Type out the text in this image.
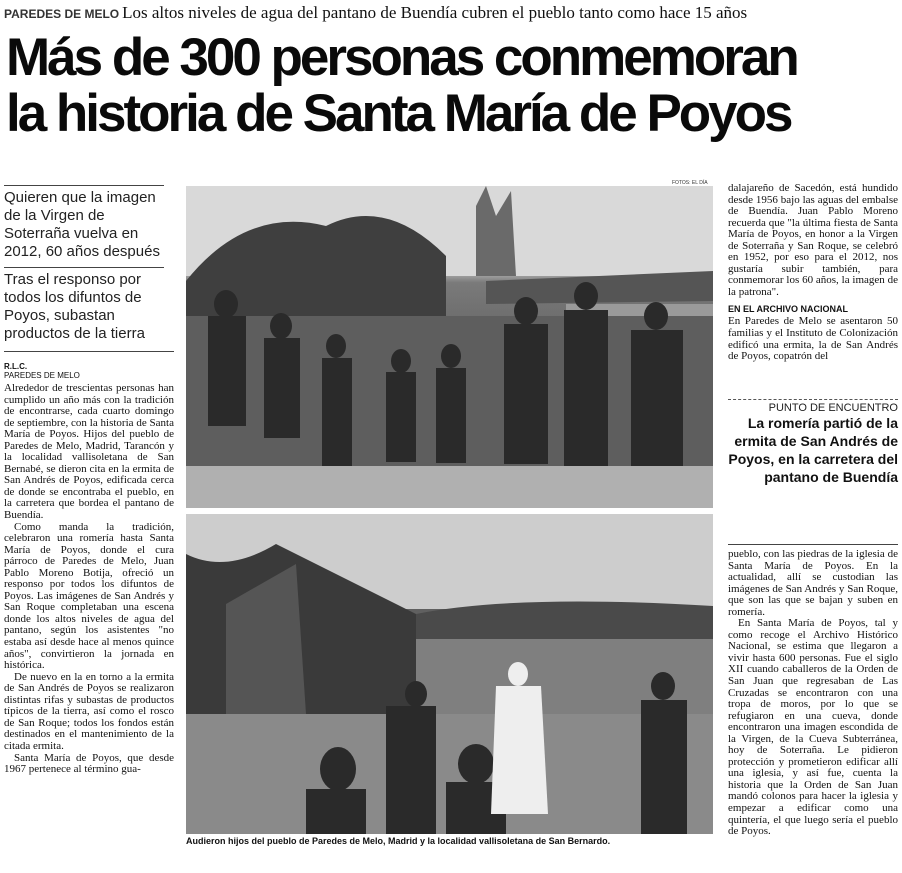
PAREDES DE MELO Los altos niveles de agua del pantano de Buendía cubren el pueblo tanto como hace 15 años
Más de 300 personas conmemoran
la historia de Santa María de Poyos
Quieren que la imagen de la Virgen de Soterraña vuelva en 2012, 60 años después
Tras el responso por todos los difuntos de Poyos, subastan productos de la tierra
R.L.C.
PAREDES DE MELO

Alrededor de trescientas personas han cumplido un año más con la tradición de encontrarse, cada cuarto domingo de septiembre, con la historia de Santa María de Poyos. Hijos del pueblo de Paredes de Melo, Madrid, Tarancón y la localidad vallisoletana de San Bernabé, se dieron cita en la ermita de San Andrés de Poyos, edificada cerca de donde se encontraba el pueblo, en la carretera que bordea el pantano de Buendía.

Como manda la tradición, celebraron una romería hasta Santa María de Poyos, donde el cura párroco de Paredes de Melo, Juan Pablo Moreno Botija, ofreció un responso por todos los difuntos de Poyos. Las imágenes de San Andrés y San Roque completaban una escena donde los altos niveles de agua del pantano, según los asistentes "no estaba así desde hace al menos quince años", convirtieron la jornada en histórica.

De nuevo en la en torno a la ermita de San Andrés de Poyos se realizaron distintas rifas y subastas de productos típicos de la tierra, así como el rosco de San Roque; todos los fondos están destinados en el mantenimiento de la citada ermita.

Santa María de Poyos, que desde 1967 pertenece al término gua-

FOTOS: EL DÍA
Audieron hijos del pueblo de Paredes de Melo, Madrid y la localidad vallisoletana de San Bernardo.
dalajareño de Sacedón, está hundido desde 1956 bajo las aguas del embalse de Buendía. Juan Pablo Moreno recuerda que "la última fiesta de Santa María de Poyos, en honor a la Virgen de Soterraña y San Roque, se celebró en 1952, por eso para el 2012, nos gustaría subir también, para conmemorar los 60 años, la imagen de la patrona".
EN EL ARCHIVO NACIONAL
En Paredes de Melo se asentaron 50 familias y el Instituto de Colonización edificó una ermita, la de San Andrés de Poyos, copatrón del
PUNTO DE ENCUENTRO
La romería partió de la ermita de San Andrés de Poyos, en la carretera del pantano de Buendía

pueblo, con las piedras de la iglesia de Santa María de Poyos. En la actualidad, allí se custodian las imágenes de San Andrés y San Roque, que son las que se bajan y suben en romería.

En Santa María de Poyos, tal y como recoge el Archivo Histórico Nacional, se estima que llegaron a vivir hasta 600 personas. Fue el siglo XII cuando caballeros de la Orden de San Juan que regresaban de Las Cruzadas se encontraron con una tropa de moros, por lo que se refugiaron en una cueva, donde encontraron una imagen escondida de la Virgen, de la Cueva Subterránea, hoy de Soterraña. Le pidieron protección y prometieron edificar allí una iglesia, y así fue, cuenta la historia que la Orden de San Juan mandó colonos para hacer la iglesia y empezar a edificar como una quintería, el que luego sería el pueblo de Poyos.
